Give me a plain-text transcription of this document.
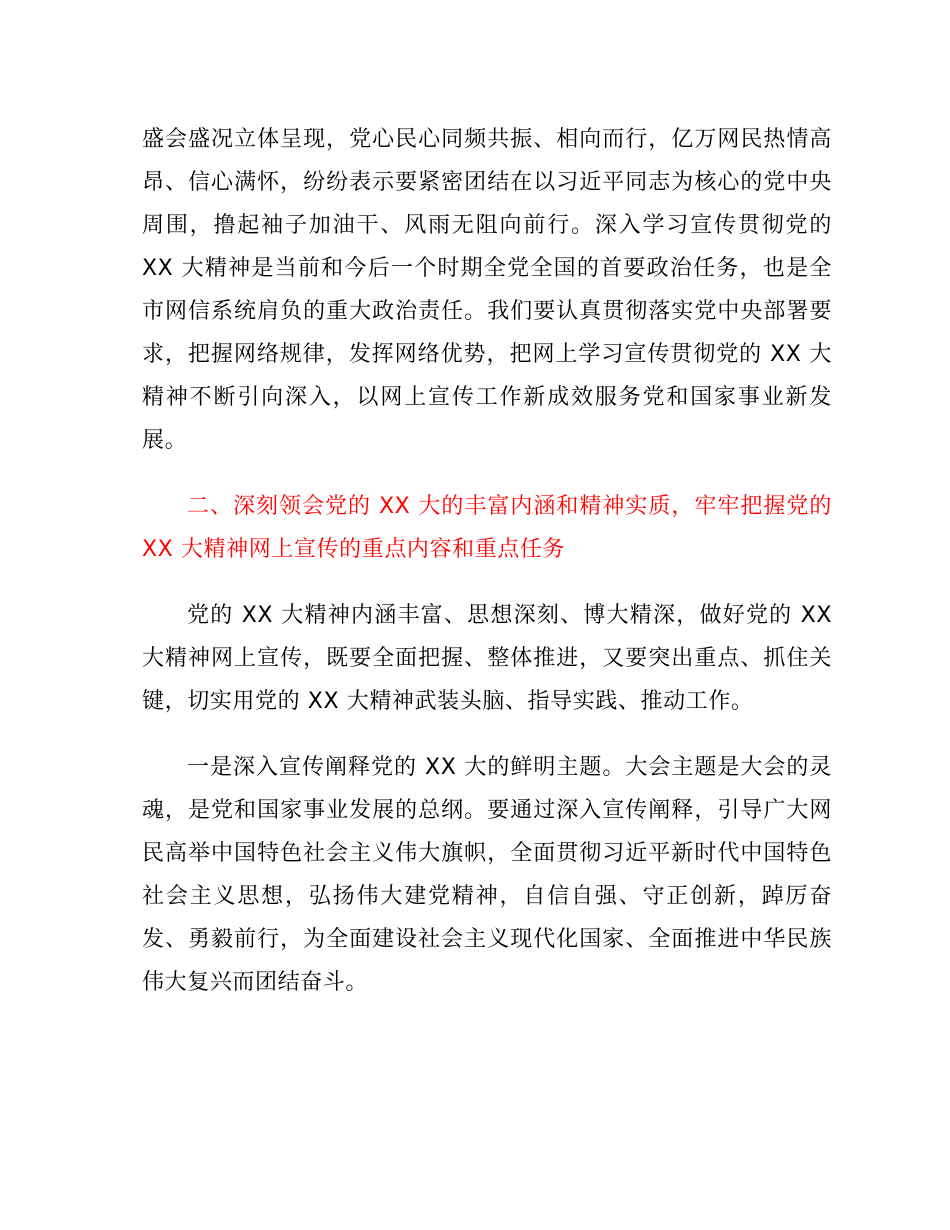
盛会盛况立体呈现，党心民心同频共振、相向而行，亿万网民热情高昂、信心满怀，纷纷表示要紧密团结在以习近平同志为核心的党中央周围，撸起袖子加油干、风雨无阻向前行。深入学习宣传贯彻党的 XX 大精神是当前和今后一个时期全党全国的首要政治任务，也是全市网信系统肩负的重大政治责任。我们要认真贯彻落实党中央部署要求，把握网络规律，发挥网络优势，把网上学习宣传贯彻党的 XX 大精神不断引向深入，以网上宣传工作新成效服务党和国家事业新发展。

二、深刻领会党的 XX 大的丰富内涵和精神实质，牢牢把握党的 XX 大精神网上宣传的重点内容和重点任务

党的 XX 大精神内涵丰富、思想深刻、博大精深，做好党的 XX 大精神网上宣传，既要全面把握、整体推进，又要突出重点、抓住关键，切实用党的 XX 大精神武装头脑、指导实践、推动工作。

一是深入宣传阐释党的 XX 大的鲜明主题。大会主题是大会的灵魂，是党和国家事业发展的总纲。要通过深入宣传阐释，引导广大网民高举中国特色社会主义伟大旗帜，全面贯彻习近平新时代中国特色社会主义思想，弘扬伟大建党精神，自信自强、守正创新，踔厉奋发、勇毅前行，为全面建设社会主义现代化国家、全面推进中华民族伟大复兴而团结奋斗。
